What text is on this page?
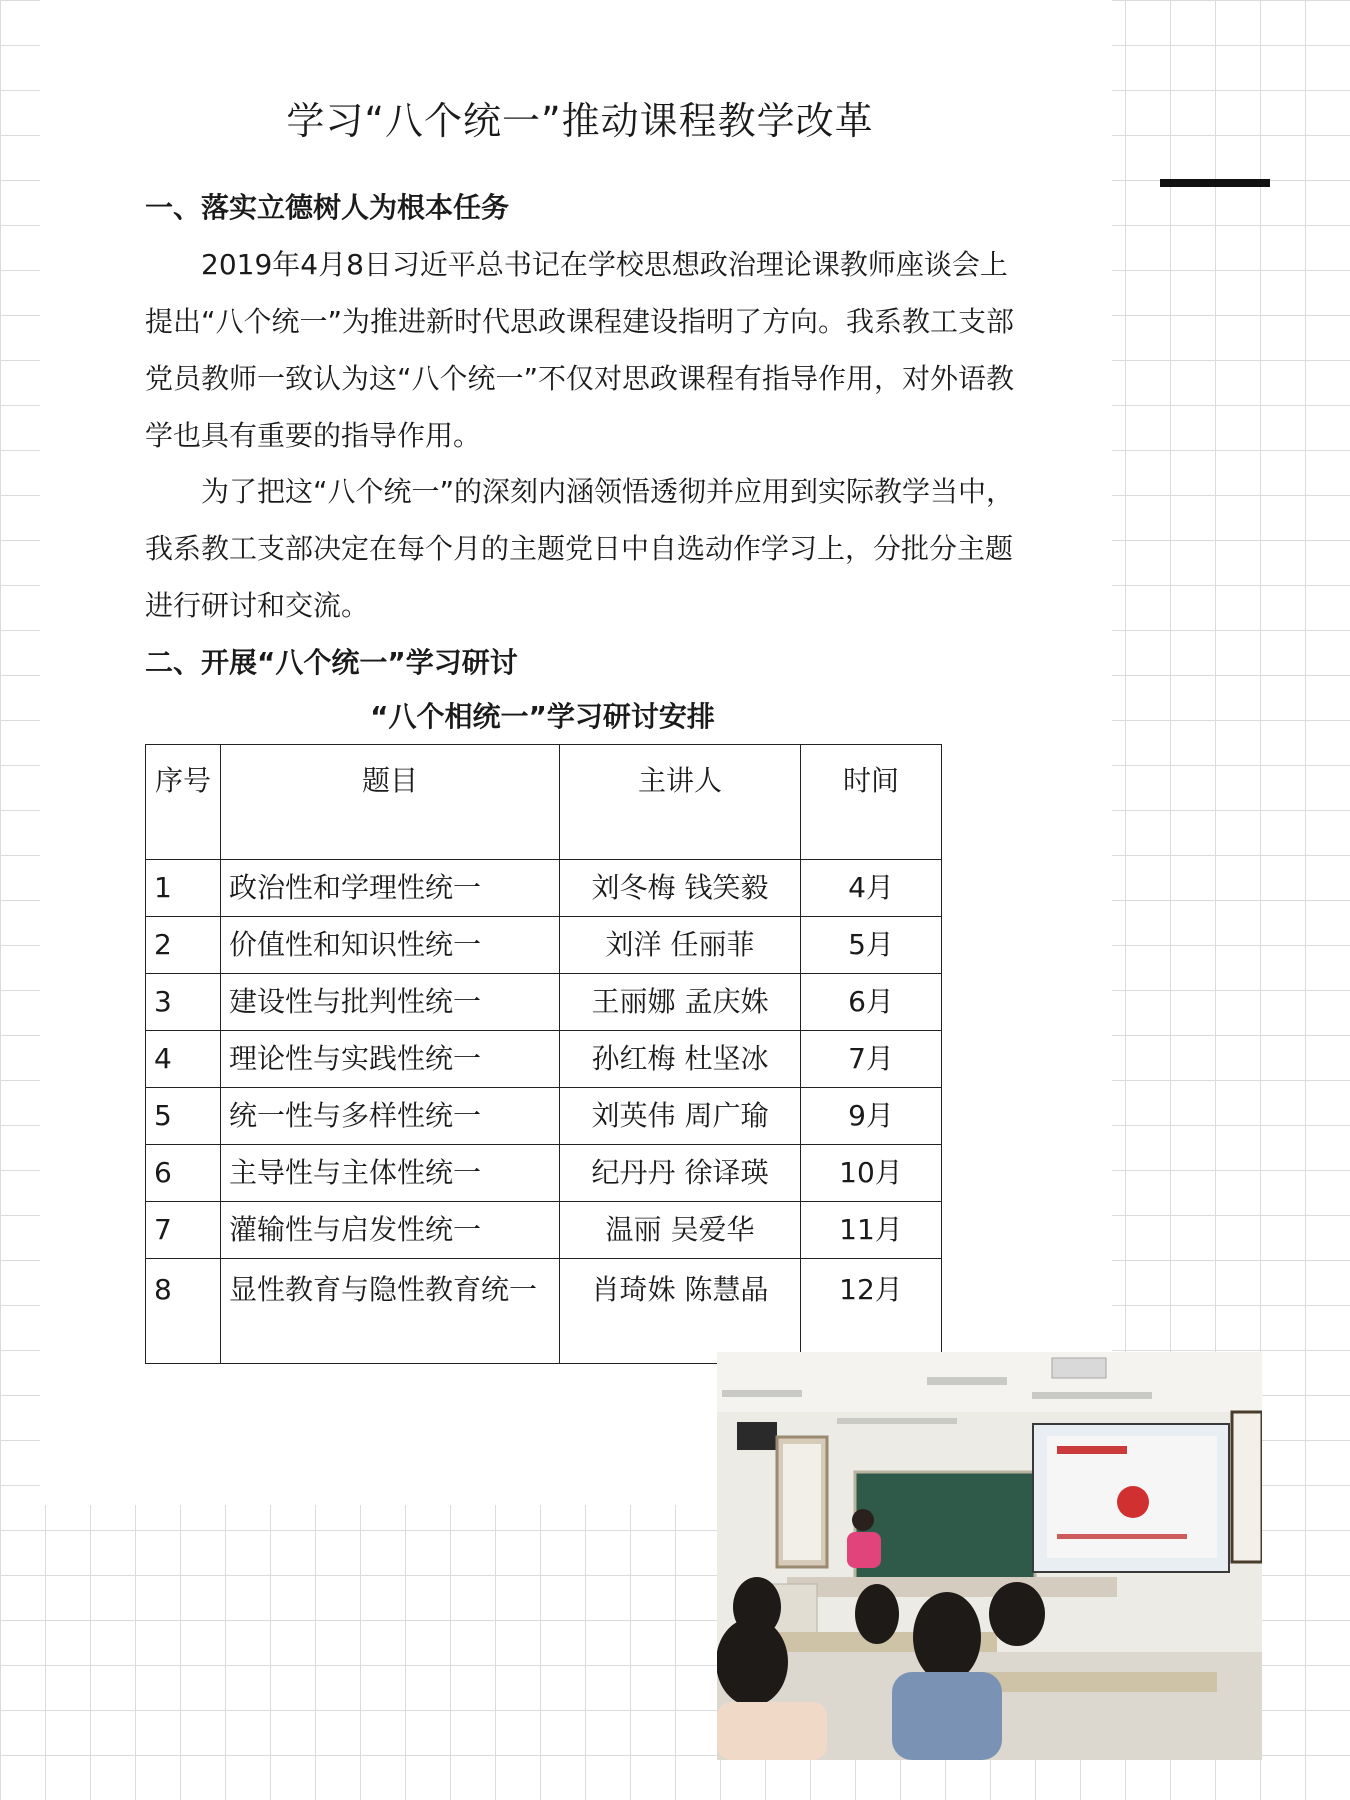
学习“八个统一”推动课程教学改革
一、落实立德树人为根本任务

2019年4月8日习近平总书记在学校思想政治理论课教师座谈会上提出“八个统一”为推进新时代思政课程建设指明了方向。我系教工支部党员教师一致认为这“八个统一”不仅对思政课程有指导作用，对外语教学也具有重要的指导作用。

为了把这“八个统一”的深刻内涵领悟透彻并应用到实际教学当中，我系教工支部决定在每个月的主题党日中自选动作学习上，分批分主题进行研讨和交流。

二、开展“八个统一”学习研讨
“八个相统一”学习研讨安排
序号	题目	主讲人	时间
1	政治性和学理性统一	刘冬梅 钱笑毅	4月
2	价值性和知识性统一	刘洋 任丽菲	5月
3	建设性与批判性统一	王丽娜 孟庆姝	6月
4	理论性与实践性统一	孙红梅 杜坚冰	7月
5	统一性与多样性统一	刘英伟 周广瑜	9月
6	主导性与主体性统一	纪丹丹 徐译瑛	10月
7	灌输性与启发性统一	温丽 吴爱华	11月
8	显性教育与隐性教育统一	肖琦姝 陈慧晶	12月
